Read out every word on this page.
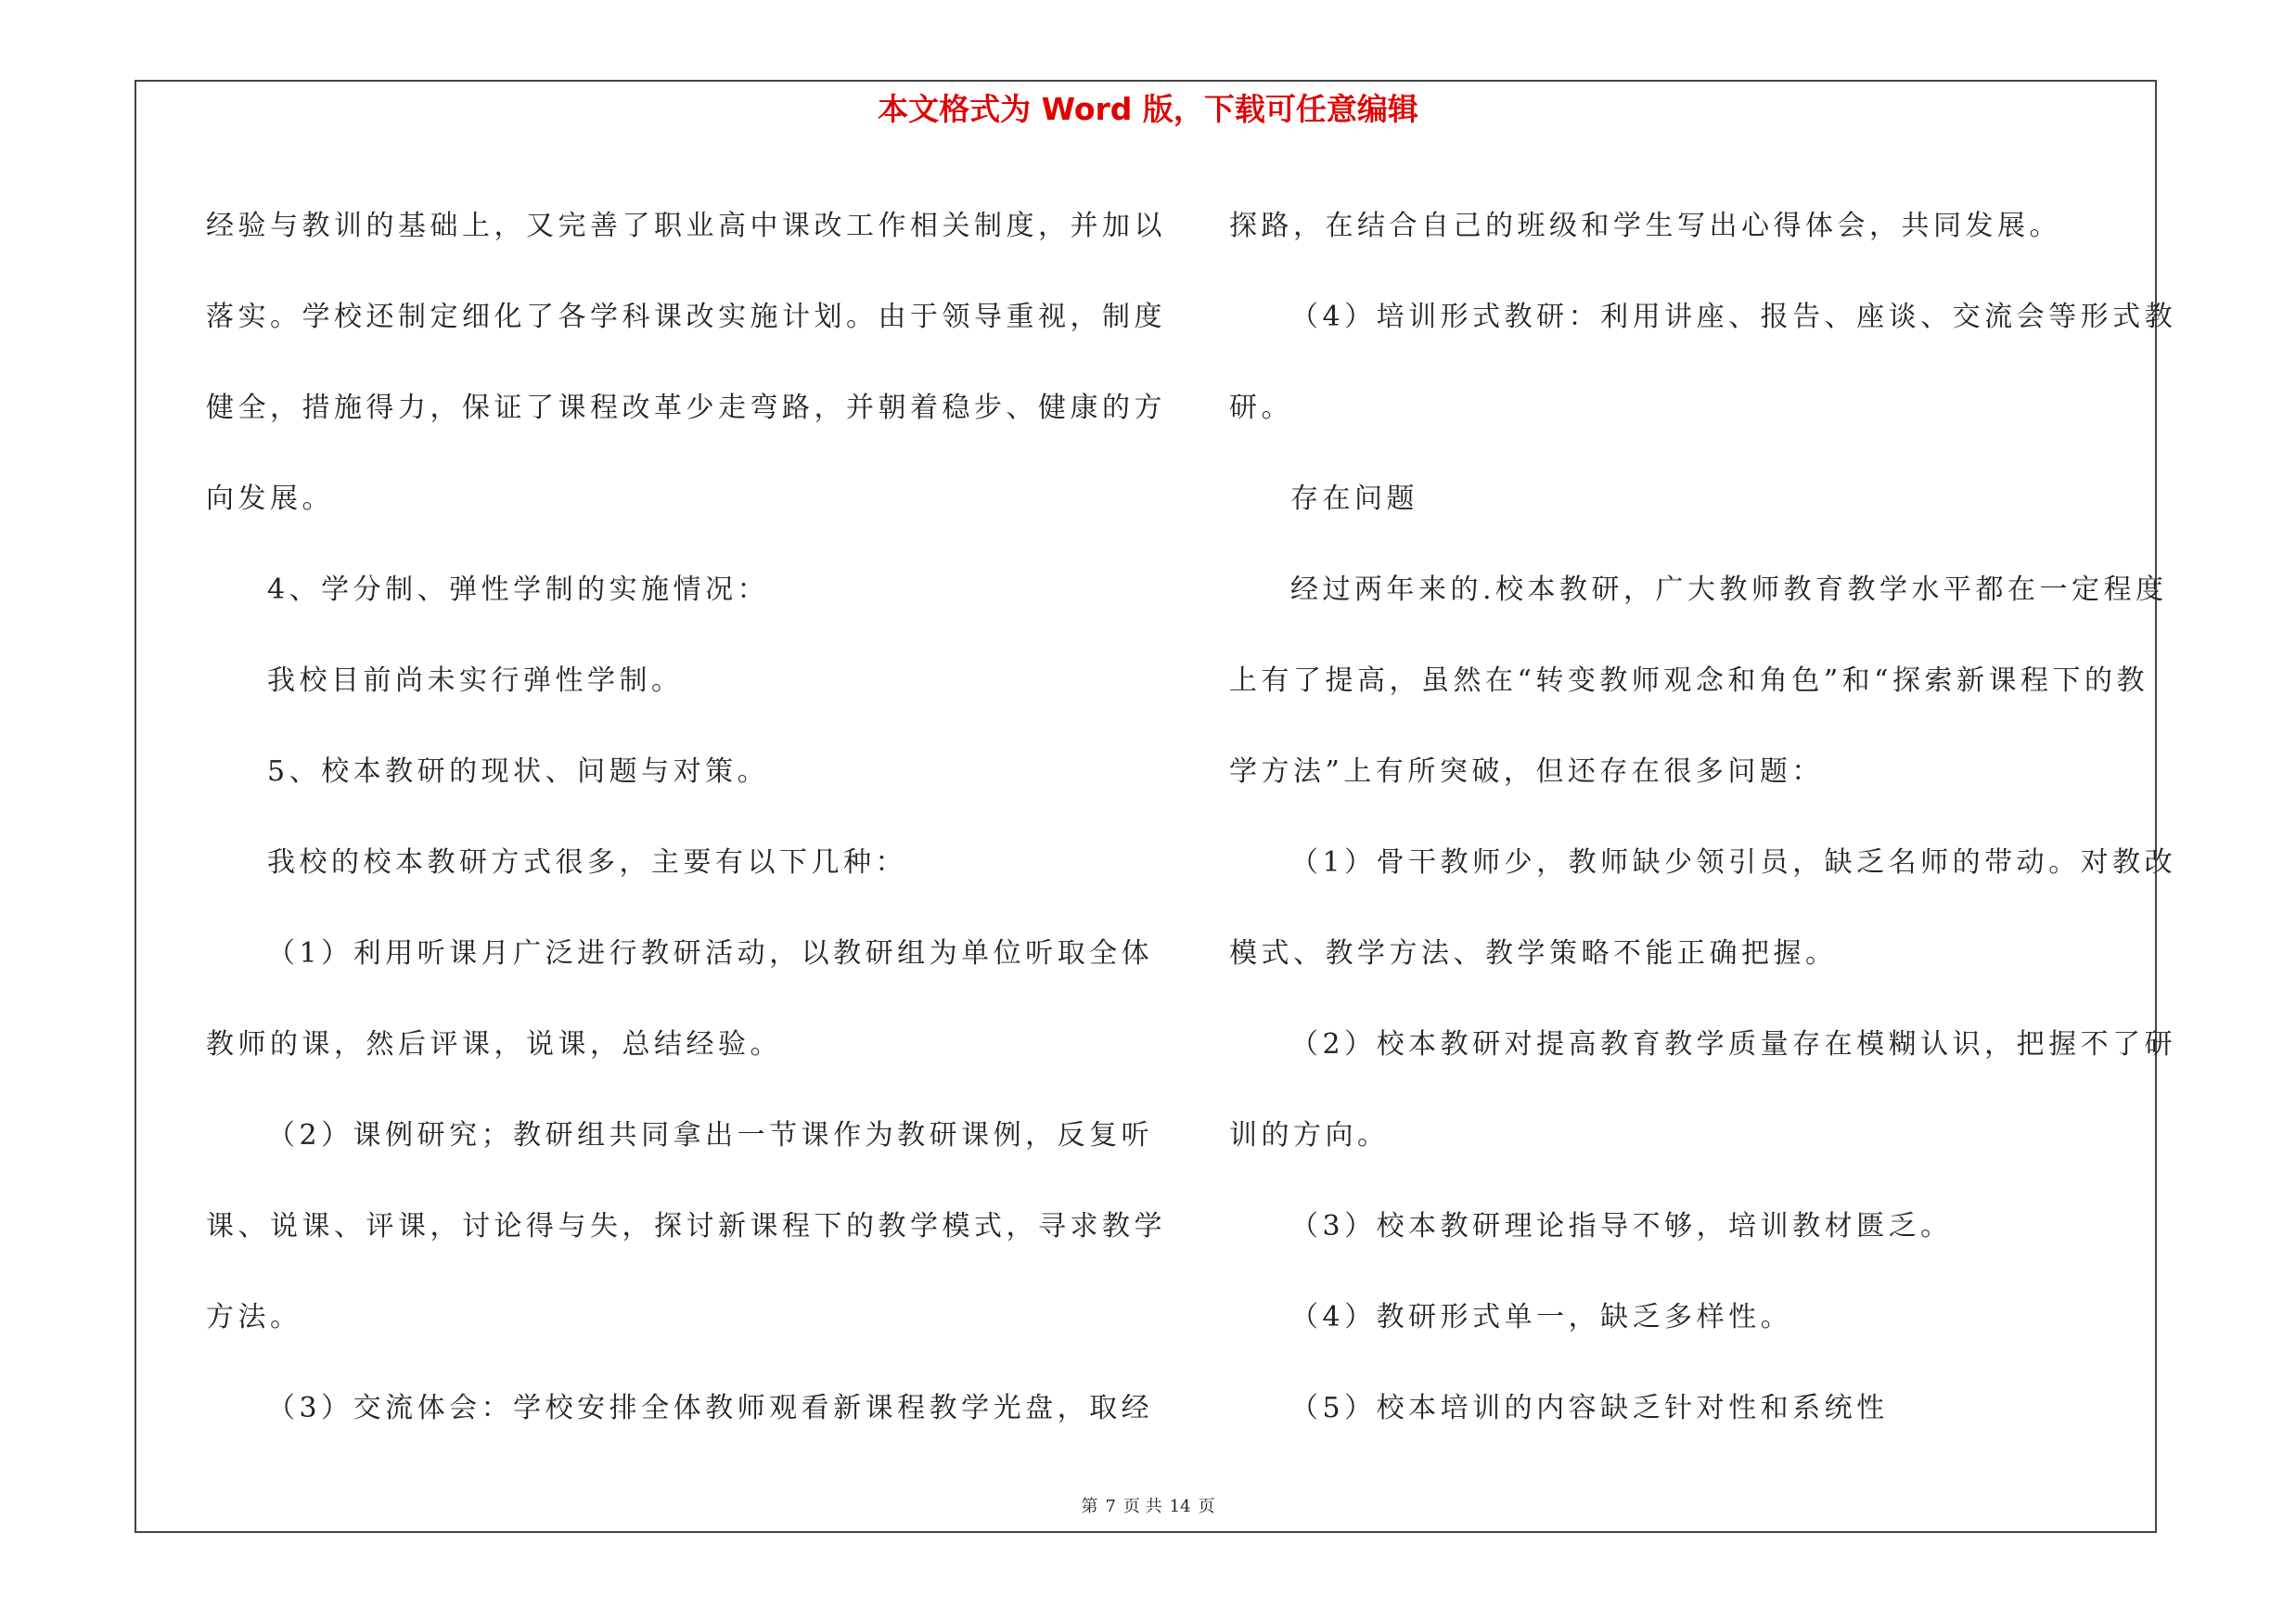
本文格式为 Word 版，下载可任意编辑

经验与教训的基础上，又完善了职业高中课改工作相关制度，并加以

落实。学校还制定细化了各学科课改实施计划。由于领导重视，制度

健全，措施得力，保证了课程改革少走弯路，并朝着稳步、健康的方

向发展。

4、学分制、弹性学制的实施情况：

我校目前尚未实行弹性学制。

5、校本教研的现状、问题与对策。

我校的校本教研方式很多，主要有以下几种：

（1）利用听课月广泛进行教研活动，以教研组为单位听取全体

教师的课，然后评课，说课，总结经验。

（2）课例研究；教研组共同拿出一节课作为教研课例，反复听

课、说课、评课，讨论得与失，探讨新课程下的教学模式，寻求教学

方法。

（3）交流体会：学校安排全体教师观看新课程教学光盘，取经

探路，在结合自己的班级和学生写出心得体会，共同发展。

（4）培训形式教研：利用讲座、报告、座谈、交流会等形式教

研。

存在问题

经过两年来的.校本教研，广大教师教育教学水平都在一定程度

上有了提高，虽然在“转变教师观念和角色”和“探索新课程下的教

学方法”上有所突破，但还存在很多问题：

（1）骨干教师少，教师缺少领引员，缺乏名师的带动。对教改

模式、教学方法、教学策略不能正确把握。

（2）校本教研对提高教育教学质量存在模糊认识，把握不了研

训的方向。

（3）校本教研理论指导不够，培训教材匮乏。

（4）教研形式单一，缺乏多样性。

（5）校本培训的内容缺乏针对性和系统性

第 7 页 共 14 页
